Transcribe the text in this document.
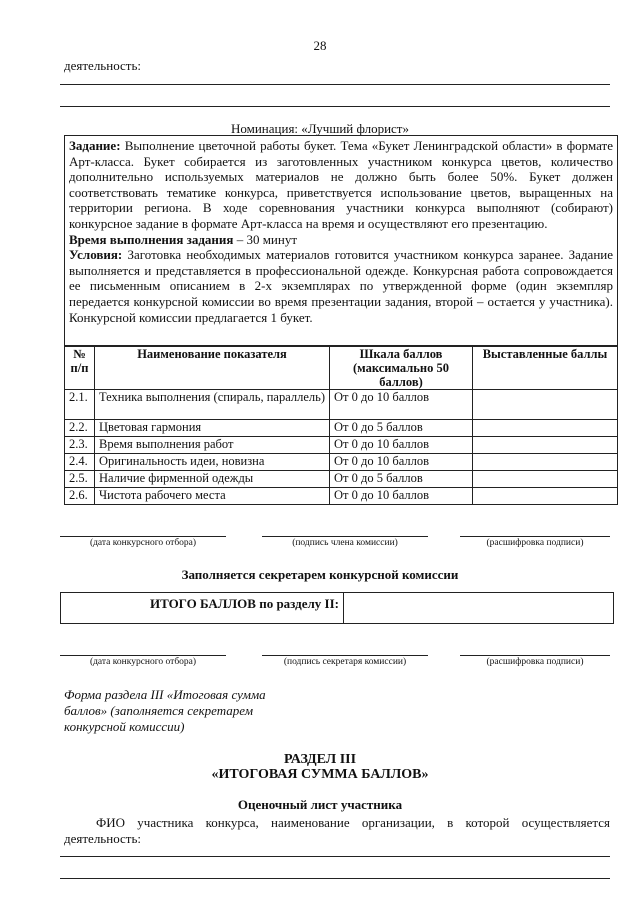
28
деятельность:
Номинация: «Лучший флорист»

Задание: Выполнение цветочной работы букет. Тема «Букет Ленинградской области» в формате Арт-класса. Букет собирается из заготовленных участником конкурса цветов, количество дополнительно используемых материалов не должно быть более 50%. Букет должен соответствовать тематике конкурса, приветствуется использование цветов, выращенных на территории региона. В ходе соревнования участники конкурса выполняют (собирают) конкурсное задание в формате Арт-класса на время и осуществляют его презентацию.

Время выполнения задания – 30 минут

Условия: Заготовка необходимых материалов готовится участником конкурса заранее. Задание выполняется и представляется в профессиональной одежде. Конкурсная работа сопровождается ее письменным описанием в 2-х экземплярах по утвержденной форме (один экземпляр передается конкурсной комиссии во время презентации задания, второй – остается у участника). Конкурсной комиссии предлагается 1 букет.

№ п/п	Наименование показателя	Шкала баллов (максимально 50 баллов)	Выставленные баллы
2.1.	Техника выполнения (спираль, параллель)	От 0 до 10 баллов	
2.2.	Цветовая гармония	От 0 до 5 баллов	
2.3.	Время выполнения работ	От 0 до 10 баллов	
2.4.	Оригинальность идеи, новизна	От 0 до 10 баллов	
2.5.	Наличие фирменной одежды	От 0 до 5 баллов	
2.6.	Чистота рабочего места	От 0 до 10 баллов	
(дата конкурсного отбора)	(подпись члена комиссии)	(расшифровка подписи)
Заполняется секретарем конкурсной комиссии
ИТОГО БАЛЛОВ по разделу II:
(дата конкурсного отбора)	(подпись секретаря комиссии)	(расшифровка подписи)
Форма раздела III «Итоговая сумма
баллов» (заполняется секретарем
конкурсной комиссии)
РАЗДЕЛ III
«ИТОГОВАЯ СУММА БАЛЛОВ»
Оценочный лист участника
ФИО участника конкурса, наименование организации, в которой осуществляется
деятельность:
